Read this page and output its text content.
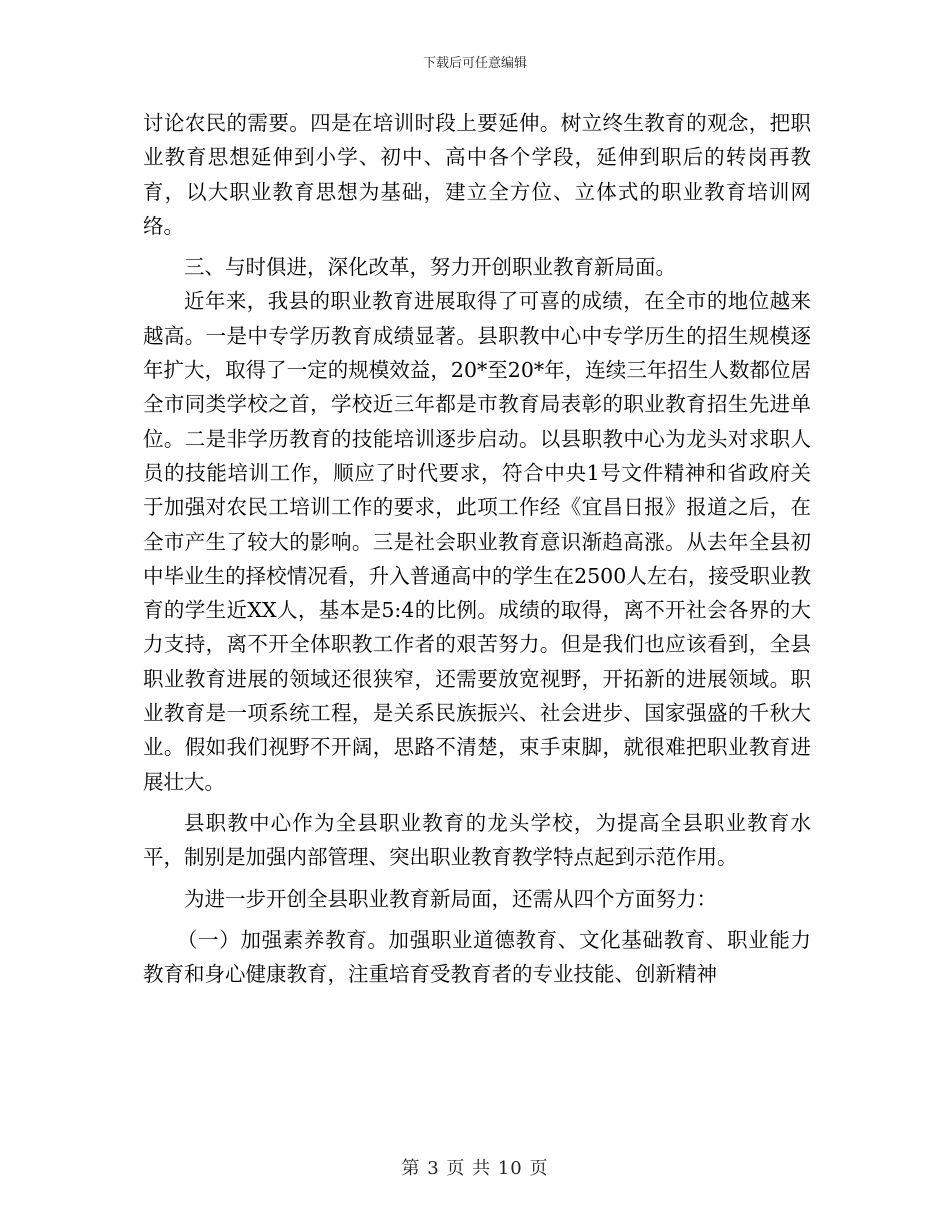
下载后可任意编辑

讨论农民的需要。四是在培训时段上要延伸。树立终生教育的观念，把职业教育思想延伸到小学、初中、高中各个学段，延伸到职后的转岗再教育，以大职业教育思想为基础，建立全方位、立体式的职业教育培训网络。

三、与时俱进，深化改革，努力开创职业教育新局面。

近年来，我县的职业教育进展取得了可喜的成绩，在全市的地位越来越高。一是中专学历教育成绩显著。县职教中心中专学历生的招生规模逐年扩大，取得了一定的规模效益，20*至20*年，连续三年招生人数都位居全市同类学校之首，学校近三年都是市教育局表彰的职业教育招生先进单位。二是非学历教育的技能培训逐步启动。以县职教中心为龙头对求职人员的技能培训工作，顺应了时代要求，符合中央1号文件精神和省政府关于加强对农民工培训工作的要求，此项工作经《宜昌日报》报道之后，在全市产生了较大的影响。三是社会职业教育意识渐趋高涨。从去年全县初中毕业生的择校情况看，升入普通高中的学生在2500人左右，接受职业教育的学生近XX人，基本是5:4的比例。成绩的取得，离不开社会各界的大力支持，离不开全体职教工作者的艰苦努力。但是我们也应该看到，全县职业教育进展的领域还很狭窄，还需要放宽视野，开拓新的进展领域。职业教育是一项系统工程，是关系民族振兴、社会进步、国家强盛的千秋大业。假如我们视野不开阔，思路不清楚，束手束脚，就很难把职业教育进展壮大。

县职教中心作为全县职业教育的龙头学校，为提高全县职业教育水平，制别是加强内部管理、突出职业教育教学特点起到示范作用。

为进一步开创全县职业教育新局面，还需从四个方面努力：

（一）加强素养教育。加强职业道德教育、文化基础教育、职业能力教育和身心健康教育，注重培育受教育者的专业技能、创新精神

第 3 页 共 10 页
